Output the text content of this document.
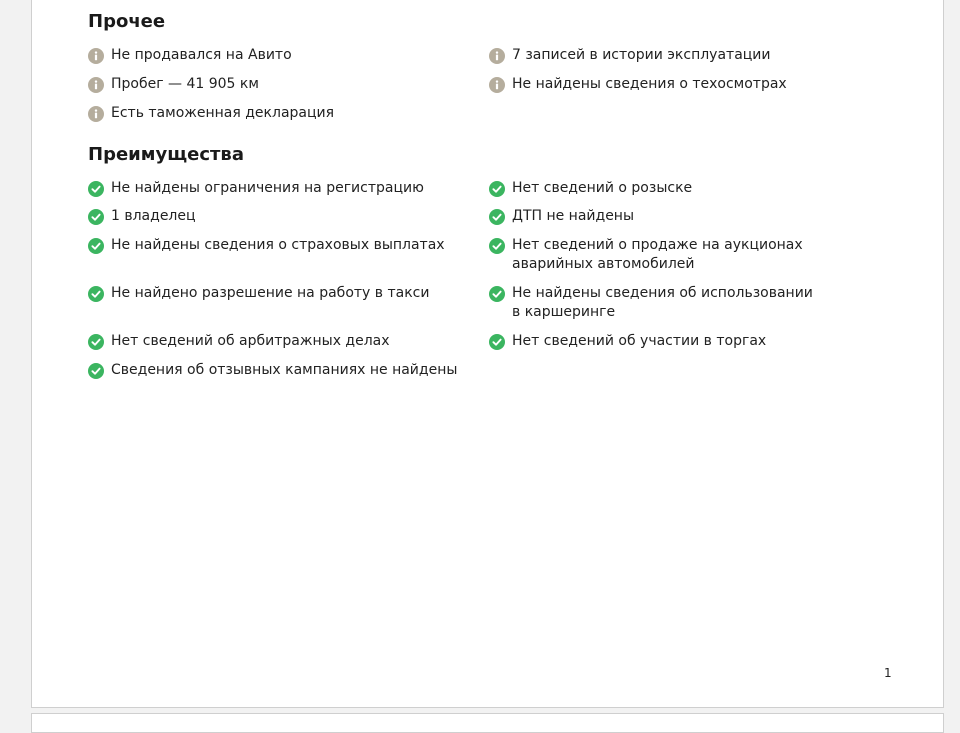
Прочее
Не продавался на Авито	7 записей в истории эксплуатации
Пробег — 41 905 км	Не найдены сведения о техосмотрах
Есть таможенная декларация
Преимущества
Не найдены ограничения на регистрацию	Нет сведений о розыске
1 владелец	ДТП не найдены
Не найдены сведения о страховых выплатах	Нет сведений о продаже на аукционах аварийных автомобилей
Не найдено разрешение на работу в такси	Не найдены сведения об использовании в каршеринге
Нет сведений об арбитражных делах	Нет сведений об участии в торгах
Сведения об отзывных кампаниях не найдены
1
